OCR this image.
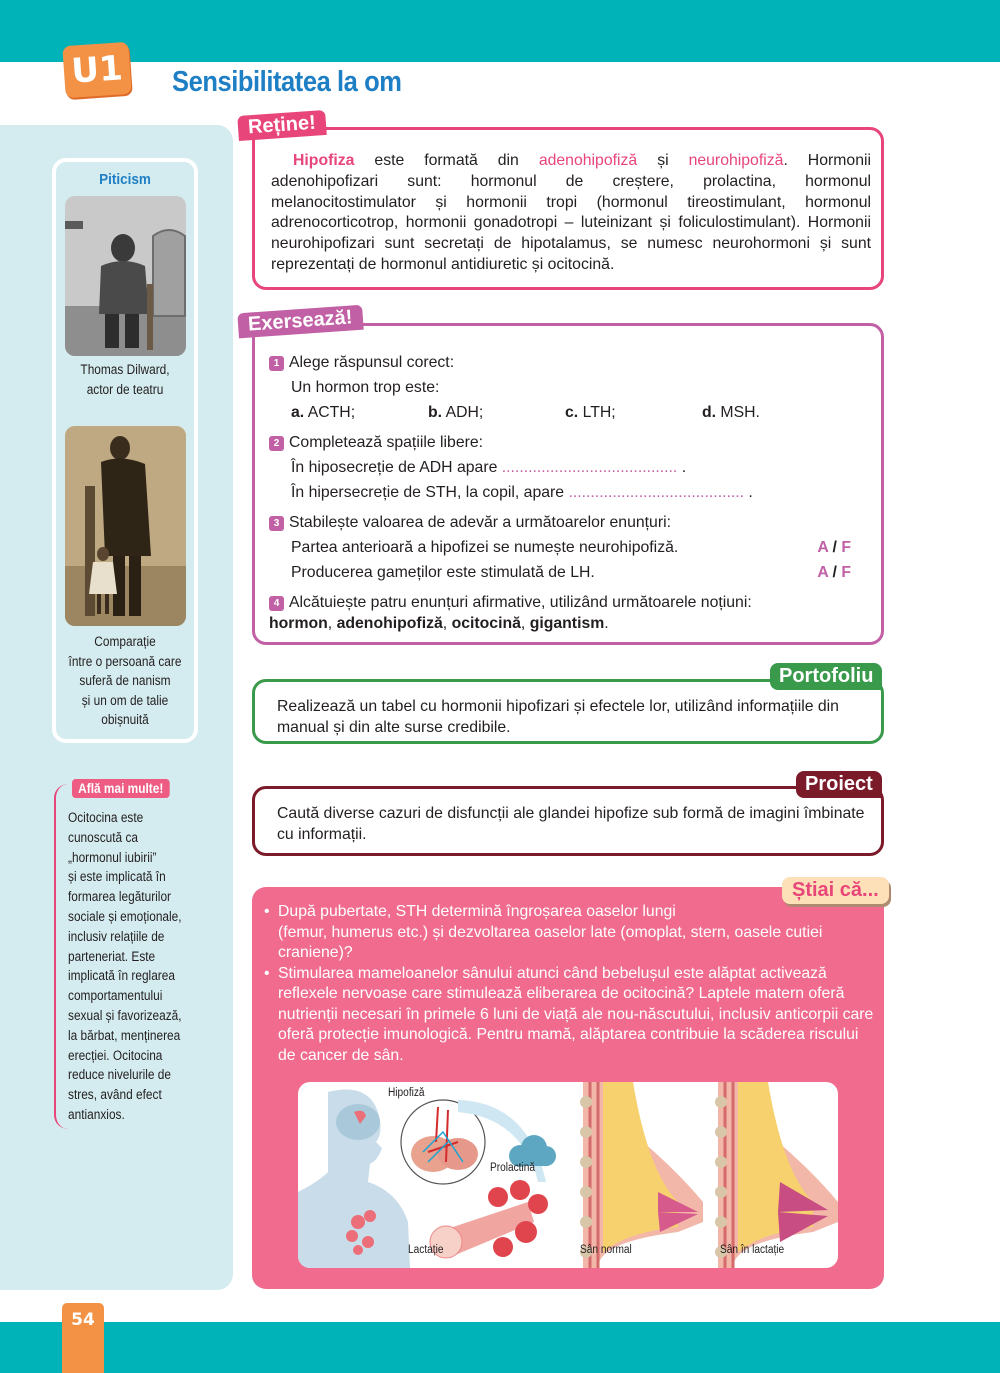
U1 Sensibilitatea la om
Piticism
Thomas Dilward,
actor de teatru
Comparație
între o persoană care
suferă de nanism
și un om de talie
obișnuită
Află mai multe!
Ocitocina este
cunoscută ca
„hormonul iubirii”
și este implicată în
formarea legăturilor
sociale și emoționale,
inclusiv relațiile de
parteneriat. Este
implicată în reglarea
comportamentului
sexual și favorizează,
la bărbat, menținerea
erecției. Ocitocina
reduce nivelurile de
stres, având efect
antianxios.

Hipofiza este formată din adenohipofiză și neurohipofiză. Hormonii adenohipofizari sunt: hormonul de creștere, prolactina, hormonul melanocitostimulator și hormonii tropi (hormonul tireostimulant, hormonul adrenocorticotrop, hormonii gonadotropi – luteinizant și foliculostimulant). Hormonii neurohipofizari sunt secretați de hipotalamus, se numesc neurohormoni și sunt reprezentați de hormonul antidiuretic și ocitocină.

Reține!
1 Alege răspunsul corect:
Un hormon trop este:
a. ACTH;	b. ADH;	c. LTH;	d. MSH.
2 Completează spațiile libere:
În hiposecreție de ADH apare ........................................ .
În hipersecreție de STH, la copil, apare ........................................ .
3 Stabilește valoarea de adevăr a următoarelor enunțuri:
Partea anterioară a hipofizei se numește neurohipofiză.	A / F
Producerea gameților este stimulată de LH.	A / F
4 Alcătuiește patru enunțuri afirmative, utilizând următoarele noțiuni:
hormon, adenohipofiză, ocitocină, gigantism.
Exersează!

Realizează un tabel cu hormonii hipofizari și efectele lor, utilizând informațiile din manual și din alte surse credibile.

Portofoliu

Caută diverse cazuri de disfuncții ale glandei hipofize sub formă de imagini îmbinate cu informații.

Proiect
• După pubertate, STH determină îngroșarea oaselor lungi
(femur, humerus etc.) și dezvoltarea oaselor late (omoplat, stern, oasele cutiei craniene)?
• Stimularea mameloanelor sânului atunci când bebelușul este alăptat activează reflexele nervoase care stimulează eliberarea de ocitocină? Laptele matern oferă nutrienții necesari în primele 6 luni de viață ale nou-născutului, inclusiv anticorpii care oferă protecție imunologică. Pentru mamă, alăptarea contribuie la scăderea riscului de cancer de sân.
Hipofiză
Prolactină
Lactație	Sân normal	Sân în lactație
Știai că...
54
